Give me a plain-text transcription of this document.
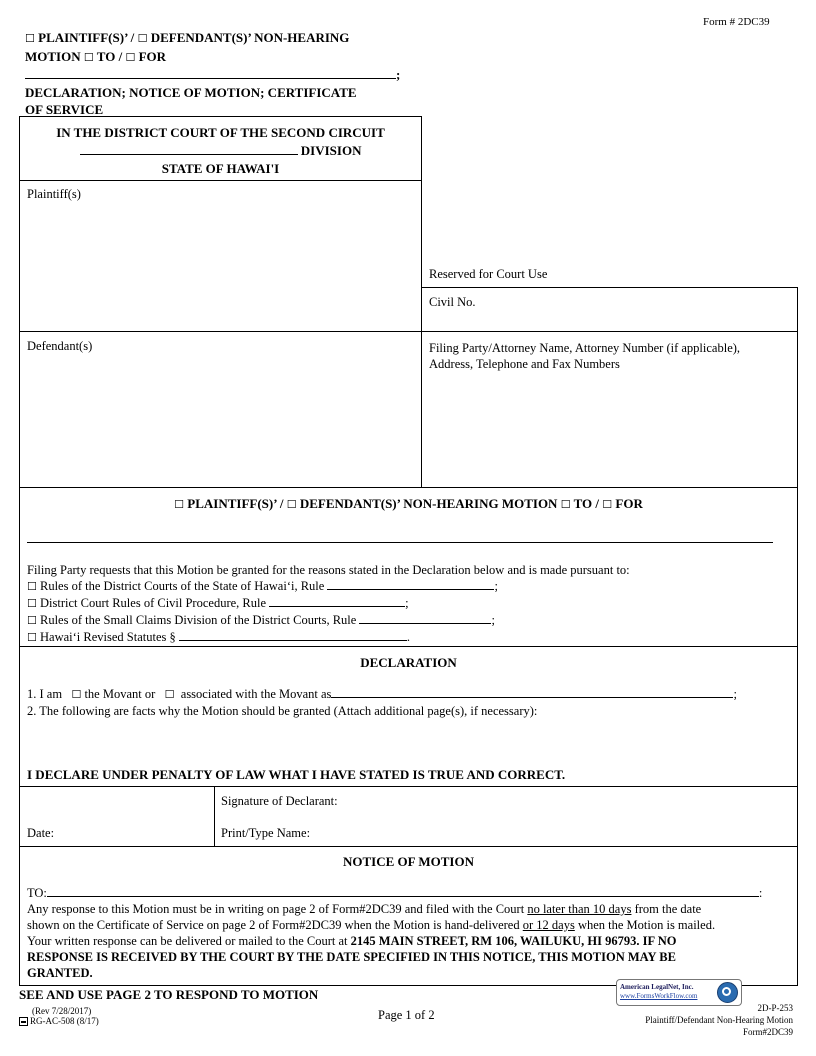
Form # 2DC39
☐ PLAINTIFF(S)’ / ☐ DEFENDANT(S)’ NON-HEARING
MOTION ☐ TO / ☐ FOR
;
DECLARATION; NOTICE OF MOTION; CERTIFICATE
OF SERVICE
IN THE DISTRICT COURT OF THE SECOND CIRCUIT
DIVISION
STATE OF HAWAI'I
Plaintiff(s)
Defendant(s)
Reserved for Court Use
Civil No.
Filing Party/Attorney Name, Attorney Number (if applicable),
Address, Telephone and Fax Numbers
☐ PLAINTIFF(S)’ / ☐ DEFENDANT(S)’ NON-HEARING MOTION ☐ TO / ☐ FOR
Filing Party requests that this Motion be granted for the reasons stated in the Declaration below and is made pursuant to:
☐ Rules of the District Courts of the State of Hawai‘i, Rule	;
☐ District Court Rules of Civil Procedure, Rule	;
☐ Rules of the Small Claims Division of the District Courts, Rule	;
☐ Hawai‘i Revised Statutes §	.
DECLARATION
1. I am ☐ the Movant or ☐ associated with the Movant as	;
2. The following are facts why the Motion should be granted (Attach additional page(s), if necessary):
I DECLARE UNDER PENALTY OF LAW WHAT I HAVE STATED IS TRUE AND CORRECT.
Date:
Signature of Declarant:
Print/Type Name:
NOTICE OF MOTION
TO:	:
Any response to this Motion must be in writing on page 2 of Form#2DC39 and filed with the Court no later than 10 days from the date
shown on the Certificate of Service on page 2 of Form#2DC39 when the Motion is hand-delivered or 12 days when the Motion is mailed.
Your written response can be delivered or mailed to the Court at 2145 MAIN STREET, RM 106, WAILUKU, HI 96793. IF NO
RESPONSE IS RECEIVED BY THE COURT BY THE DATE SPECIFIED IN THIS NOTICE, THIS MOTION MAY BE
GRANTED.
SEE AND USE PAGE 2 TO RESPOND TO MOTION
(Rev 7/28/2017)
RG-AC-508 (8/17)	Page 1 of 2
American LegalNet, Inc.
www.FormsWorkFlow.com
2D-P-253
Plaintiff/Defendant Non-Hearing Motion
Form#2DC39
